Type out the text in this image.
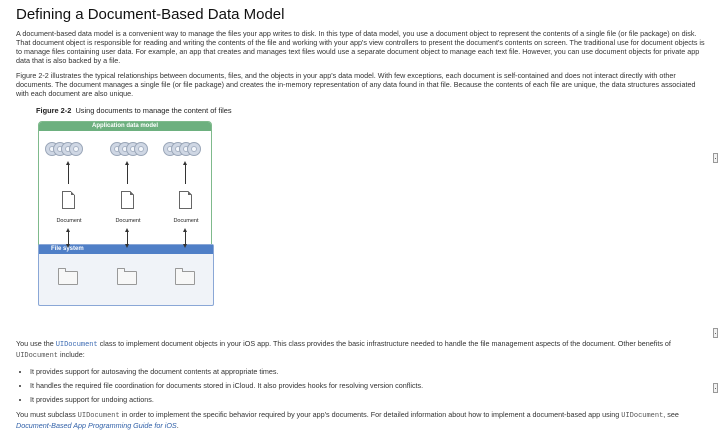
Defining a Document-Based Data Model

A document-based data model is a convenient way to manage the files your app writes to disk. In this type of data model, you use a document object to represent the contents of a single file (or file package) on disk. That document object is responsible for reading and writing the contents of the file and working with your app's view controllers to present the document's contents on screen. The traditional use for document objects is to manage files containing user data. For example, an app that creates and manages text files would use a separate document object to manage each text file. However, you can use document objects for private app data that is also backed by a file.

Figure 2-2 illustrates the typical relationships between documents, files, and the objects in your app's data model. With few exceptions, each document is self-contained and does not interact directly with other documents. The document manages a single file (or file package) and creates the in-memory representation of any data found in that file. Because the contents of each file are unique, the data structures associated with each document are also unique.

Figure 2-2 Using documents to manage the content of files
Application data model
Document	Document	Document
File system

You use the UIDocument class to implement document objects in your iOS app. This class provides the basic infrastructure needed to handle the file management aspects of the document. Other benefits of UIDocument include:

• It provides support for autosaving the document contents at appropriate times.
• It handles the required file coordination for documents stored in iCloud. It also provides hooks for resolving version conflicts.
• It provides support for undoing actions.

You must subclass UIDocument in order to implement the specific behavior required by your app's documents. For detailed information about how to implement a document-based app using UIDocument, see Document-Based App Programming Guide for iOS.
